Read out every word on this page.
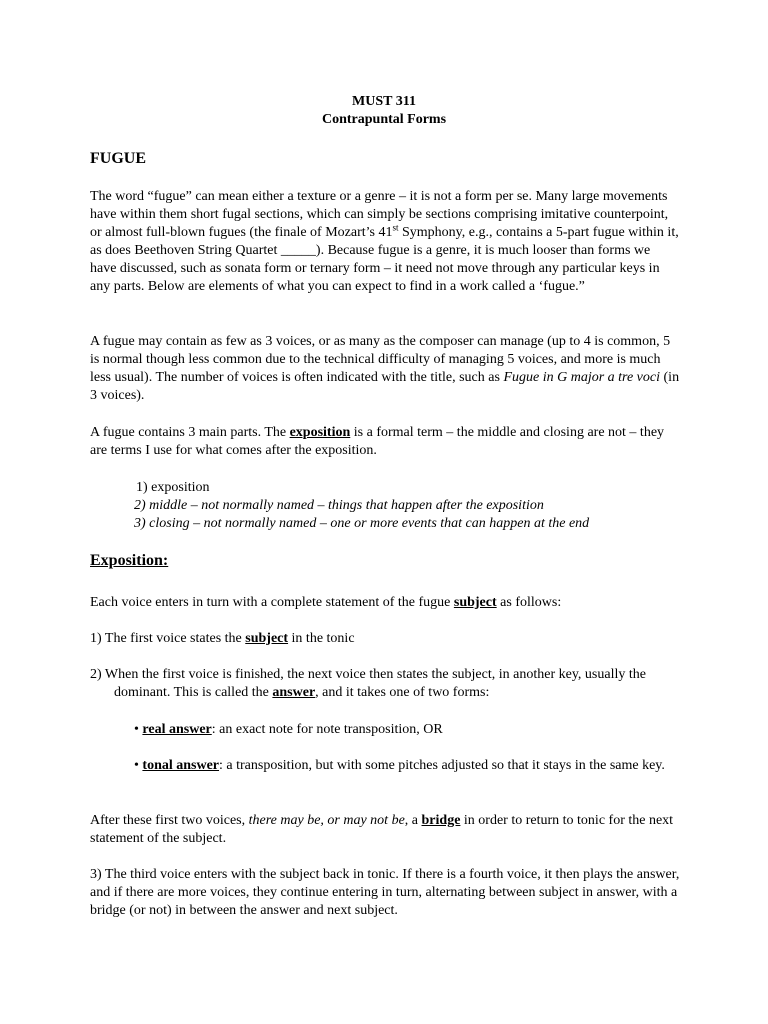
MUST 311

Contrapuntal Forms

FUGUE

The word “fugue” can mean either a texture or a genre – it is not a form per se. Many large movements have within them short fugal sections, which can simply be sections comprising imitative counterpoint, or almost full-blown fugues (the finale of Mozart’s 41st Symphony, e.g., contains a 5-part fugue within it, as does Beethoven String Quartet _____). Because fugue is a genre, it is much looser than forms we have discussed, such as sonata form or ternary form – it need not move through any particular keys in any parts. Below are elements of what you can expect to find in a work called a ‘fugue.”

A fugue may contain as few as 3 voices, or as many as the composer can manage (up to 4 is common, 5 is normal though less common due to the technical difficulty of managing 5 voices, and more is much less usual). The number of voices is often indicated with the title, such as Fugue in G major a tre voci (in 3 voices).

A fugue contains 3 main parts. The exposition is a formal term – the middle and closing are not – they are terms I use for what comes after the exposition.

1) exposition

2) middle – not normally named – things that happen after the exposition

3) closing – not normally named – one or more events that can happen at the end

Exposition:

Each voice enters in turn with a complete statement of the fugue subject as follows:

1) The first voice states the subject in the tonic

2) When the first voice is finished, the next voice then states the subject, in another key, usually the dominant. This is called the answer, and it takes one of two forms:

• real answer: an exact note for note transposition, OR

• tonal answer: a transposition, but with some pitches adjusted so that it stays in the same key.

After these first two voices, there may be, or may not be, a bridge in order to return to tonic for the next statement of the subject.

3) The third voice enters with the subject back in tonic. If there is a fourth voice, it then plays the answer, and if there are more voices, they continue entering in turn, alternating between subject in answer, with a bridge (or not) in between the answer and next subject.
